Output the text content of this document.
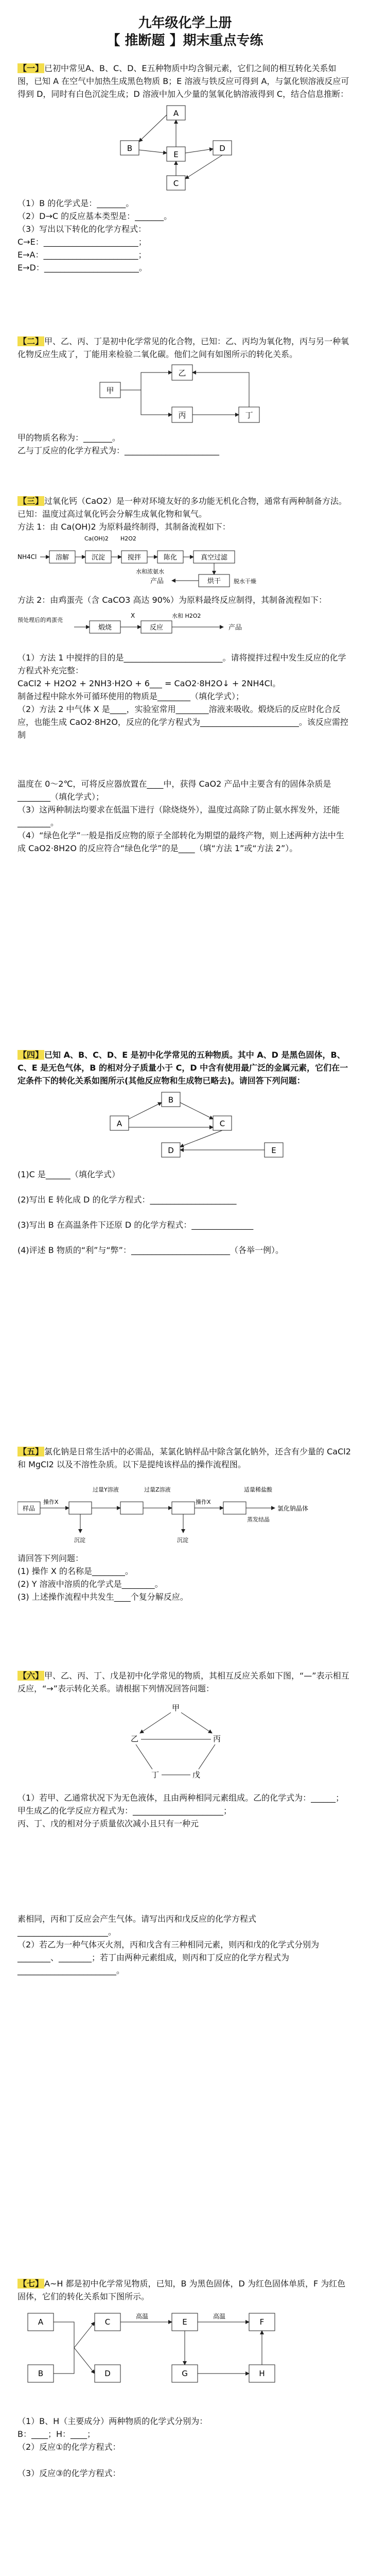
九年级化学上册
【 推断题 】期末重点专练

【一】 已初中常见A、B、C、D、E五种物质中均含铜元素，它们之间的相互转化关系如图，已知 A 在空气中加热生成黑色物质 B；E 溶液与铁反应可得到 A，与氯化钡溶液反应可得到 D，同时有白色沉淀生成；D 溶液中加入少量的氢氧化钠溶液得到 C，结合信息推断：

A
B
E
D
C

（1）B 的化学式是：_______。

（2）D→C 的反应基本类型是：_______。

（3）写出以下转化的化学方程式：

C→E：_______________________；

E→A：_______________________；

E→D：_______________________。

【二】 甲、乙、丙、丁是初中化学常见的化合物，已知：乙、丙均为氧化物，丙与另一种氧化物反应生成了，丁能用来检验二氧化碳。他们之间有如图所示的转化关系。

甲
乙
丙	丁

甲的物质名称为：_______。

乙与丁反应的化学方程式为：_______________________

【三】 过氧化钙（CaO2）是一种对环境友好的多功能无机化合物，通常有两种制备方法。已知：温度过高过氧化钙会分解生成氧化物和氧气。

方法 1：由 Ca(OH)2 为原料最终制得，其制备流程如下：

NH4Cl	溶解	沉淀	搅拌	陈化	真空过滤
烘干
产品
Ca(OH)2 H2O2
水和浓氨水
脱水干燥

方法 2：由鸡蛋壳（含 CaCO3 高达 90%）为原料最终反应制得，其制备流程如下：

预处理后的鸡蛋壳
煅烧
X
反应	产品
水和 H2O2

（1）方法 1 中搅拌的目的是________________________。请将搅拌过程中发生反应的化学方程式补充完整：

CaCl2 + H2O2 + 2NH3·H2O + 6___ = CaO2·8H2O↓ + 2NH4Cl。

制备过程中除水外可循环使用的物质是________（填化学式）；

（2）方法 2 中气体 X 是____，实验室常用________溶液来吸收。煅烧后的反应时化合反应，也能生成 CaO2·8H2O，反应的化学方程式为________________________。该反应需控制

温度在 0～2℃，可将反应器放置在____中，获得 CaO2 产品中主要含有的固体杂质是________（填化学式）；

（3）这两种制法均要求在低温下进行（除烧烧外），温度过高除了防止氨水挥发外，还能________。

（4）“绿色化学”一般是指反应物的原子全部转化为期望的最终产物，则上述两种方法中生成 CaO2·8H2O 的反应符合“绿色化学”的是____（填“方法 1”或“方法 2”）。

【四】 已知 A、B、C、D、E 是初中化学常见的五种物质。其中 A、D 是黑色固体，B、C、E 是无色气体，B 的相对分子质量小于 C，D 中含有使用最广泛的金属元素，它们在一定条件下的转化关系如图所示(其他反应物和生成物已略去)。请回答下列问题：

A
B
C
D	E

(1)C 是______（填化学式）

(2)写出 E 转化成 D 的化学方程式：_____________________

(3)写出 B 在高温条件下还原 D 的化学方程式：_______________

(4)评述 B 物质的“利”与“弊”：________________________（各举一例）。

【五】 氯化钠是日常生活中的必需品，某氯化钠样品中除含氯化钠外，还含有少量的 CaCl2 和 MgCl2 以及不溶性杂质。以下是提纯该样品的操作流程图。

样品
操作X
过量Y溶液	过量Z溶液
操作X
适量稀盐酸
蒸发结晶
氯化钠晶体
沉淀	沉淀

请回答下列问题：

(1) 操作 X 的名称是________。

(2) Y 溶液中溶质的化学式是________。

(3) 上述操作流程中共发生____个复分解反应。

【六】 甲、乙、丙、丁、戊是初中化学常见的物质，其相互反应关系如下图，“—”表示相互反应，“→”表示转化关系。请根据下列情况回答问题：

甲
乙	丙
丁	戊

（1）若甲、乙通常状况下为无色液体，且由两种相同元素组成。乙的化学式为：______；甲生成乙的化学反应方程式为：______________________；

丙、丁、戊的相对分子质量依次减小且只有一种元

素相同，丙和丁反应会产生气体。请写出丙和戊反应的化学方程式______________________。

（2）若乙为一种气体灭火剂，丙和戊含有三种相同元素，则丙和戊的化学式分别为________、________；若丁由两种元素组成，则丙和丁反应的化学方程式为________________________。

【七】 A~H 都是初中化学常见物质，已知，B 为黑色固体，D 为红色固体单质，F 为红色固体，它们的转化关系如下图所示。

A
B
C
D
E	F
G	H
高温	高温

（1）B、H（主要成分）两种物质的化学式分别为：

B：____；H：____；

（2）反应①的化学方程式：

（3）反应③的化学方程式：
